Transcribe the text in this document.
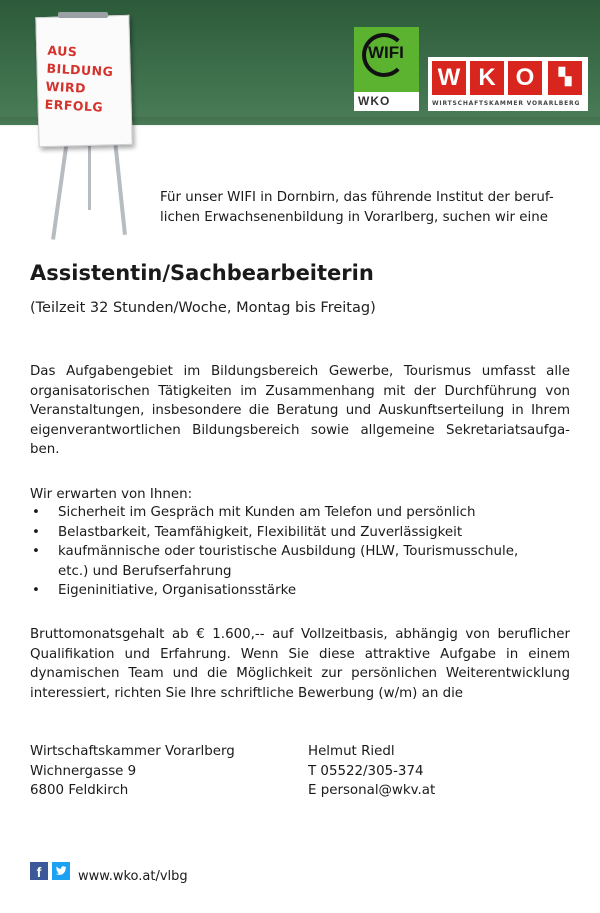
AUS
BILDUNG
WIRD
ERFOLG
WIFI
WKO
W K O	▚
WIRTSCHAFTSKAMMER VORARLBERG
Für unser WIFI in Dornbirn, das führende Institut der beruf-
lichen Erwachsenenbildung in Vorarlberg, suchen wir eine
Assistentin/Sachbearbeiterin
(Teilzeit 32 Stunden/Woche, Montag bis Freitag)
Das Aufgabengebiet im Bildungsbereich Gewerbe, Tourismus umfasst alle
organisatorischen Tätigkeiten im Zusammenhang mit der Durchführung von
Veranstaltungen, insbesondere die Beratung und Auskunftserteilung in Ihrem
eigenverantwortlichen Bildungsbereich sowie allgemeine Sekretariatsaufga-
ben.
Wir erwarten von Ihnen:
• Sicherheit im Gespräch mit Kunden am Telefon und persönlich
• Belastbarkeit, Teamfähigkeit, Flexibilität und Zuverlässigkeit
• kaufmännische oder touristische Ausbildung (HLW, Tourismusschule, etc.) und Berufserfahrung
• Eigeninitiative, Organisationsstärke
Bruttomonatsgehalt ab € 1.600,-- auf Vollzeitbasis, abhängig von beruflicher
Qualifikation und Erfahrung. Wenn Sie diese attraktive Aufgabe in einem
dynamischen Team und die Möglichkeit zur persönlichen Weiterentwicklung
interessiert, richten Sie Ihre schriftliche Bewerbung (w/m) an die
Wirtschaftskammer Vorarlberg
Wichnergasse 9
6800 Feldkirch
Helmut Riedl
T 05522/305-374
E personal@wkv.at
f	www.wko.at/vlbg
